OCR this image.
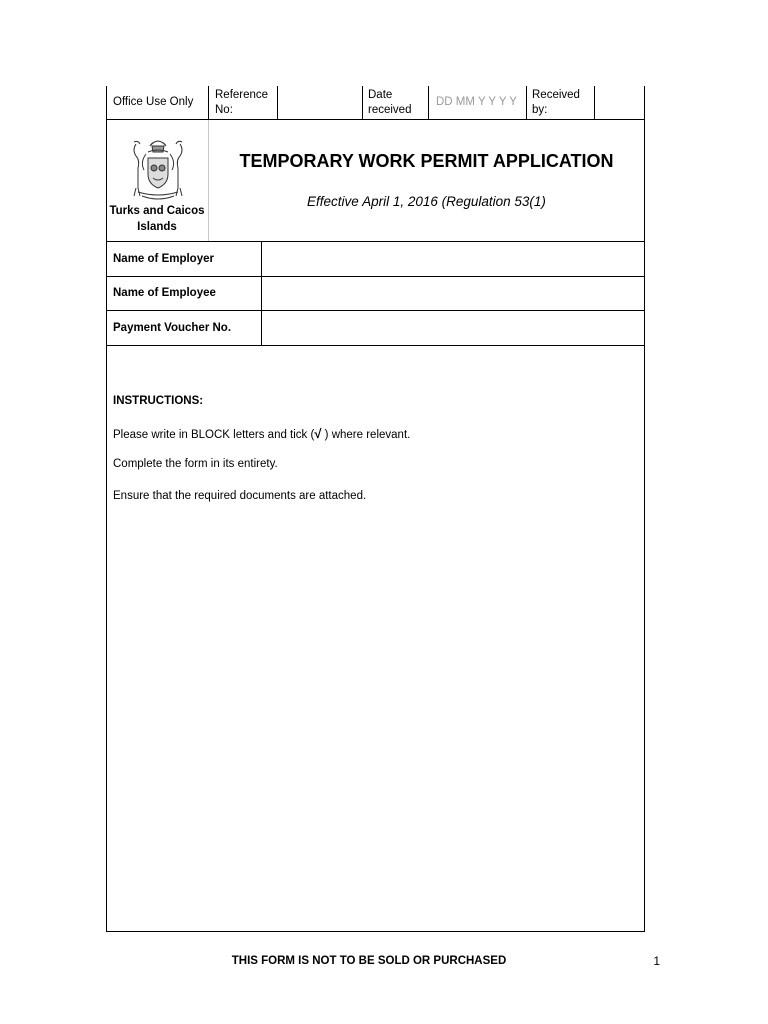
Office Use Only
Reference
No:
Date
received
DD MM Y Y Y Y
Received
by:
Turks and Caicos
Islands
TEMPORARY WORK PERMIT APPLICATION
Effective April 1, 2016 (Regulation 53(1)
Name of Employer
Name of Employee
Payment Voucher No.
INSTRUCTIONS:
Please write in BLOCK letters and tick (√ ) where relevant.
Complete the form in its entirety.
Ensure that the required documents are attached.
THIS FORM IS NOT TO BE SOLD OR PURCHASED	1
